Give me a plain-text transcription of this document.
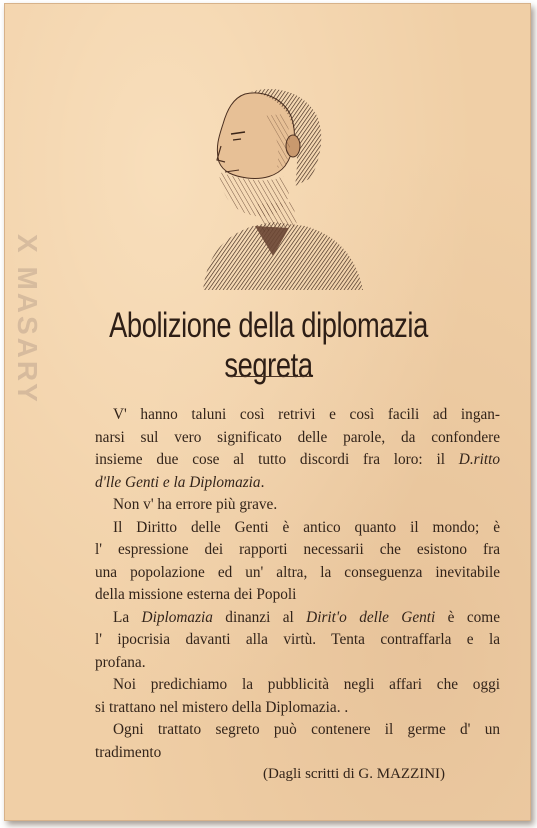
X MASARY	Abolizione della diplomazia segreta
V' hanno taluni così retrivi e così facili ad ingan-
narsi sul vero significato delle parole, da confondere
insieme due cose al tutto discordi fra loro: il D.ritto
d'lle Genti e la Diplomazia.
Non v' ha errore più grave.
Il Diritto delle Genti è antico quanto il mondo; è
l' espressione dei rapporti necessarii che esistono fra
una popolazione ed un' altra, la conseguenza inevitabile
della missione esterna dei Popoli
La Diplomazia dinanzi al Dirit'o delle Genti è come
l' ipocrisia davanti alla virtù. Tenta contraffarla e la
profana.
Noi predichiamo la pubblicità negli affari che oggi
si trattano nel mistero della Diplomazia. .
Ogni trattato segreto può contenere il germe d' un
tradimento
(Dagli scritti di G. MAZZINI)
